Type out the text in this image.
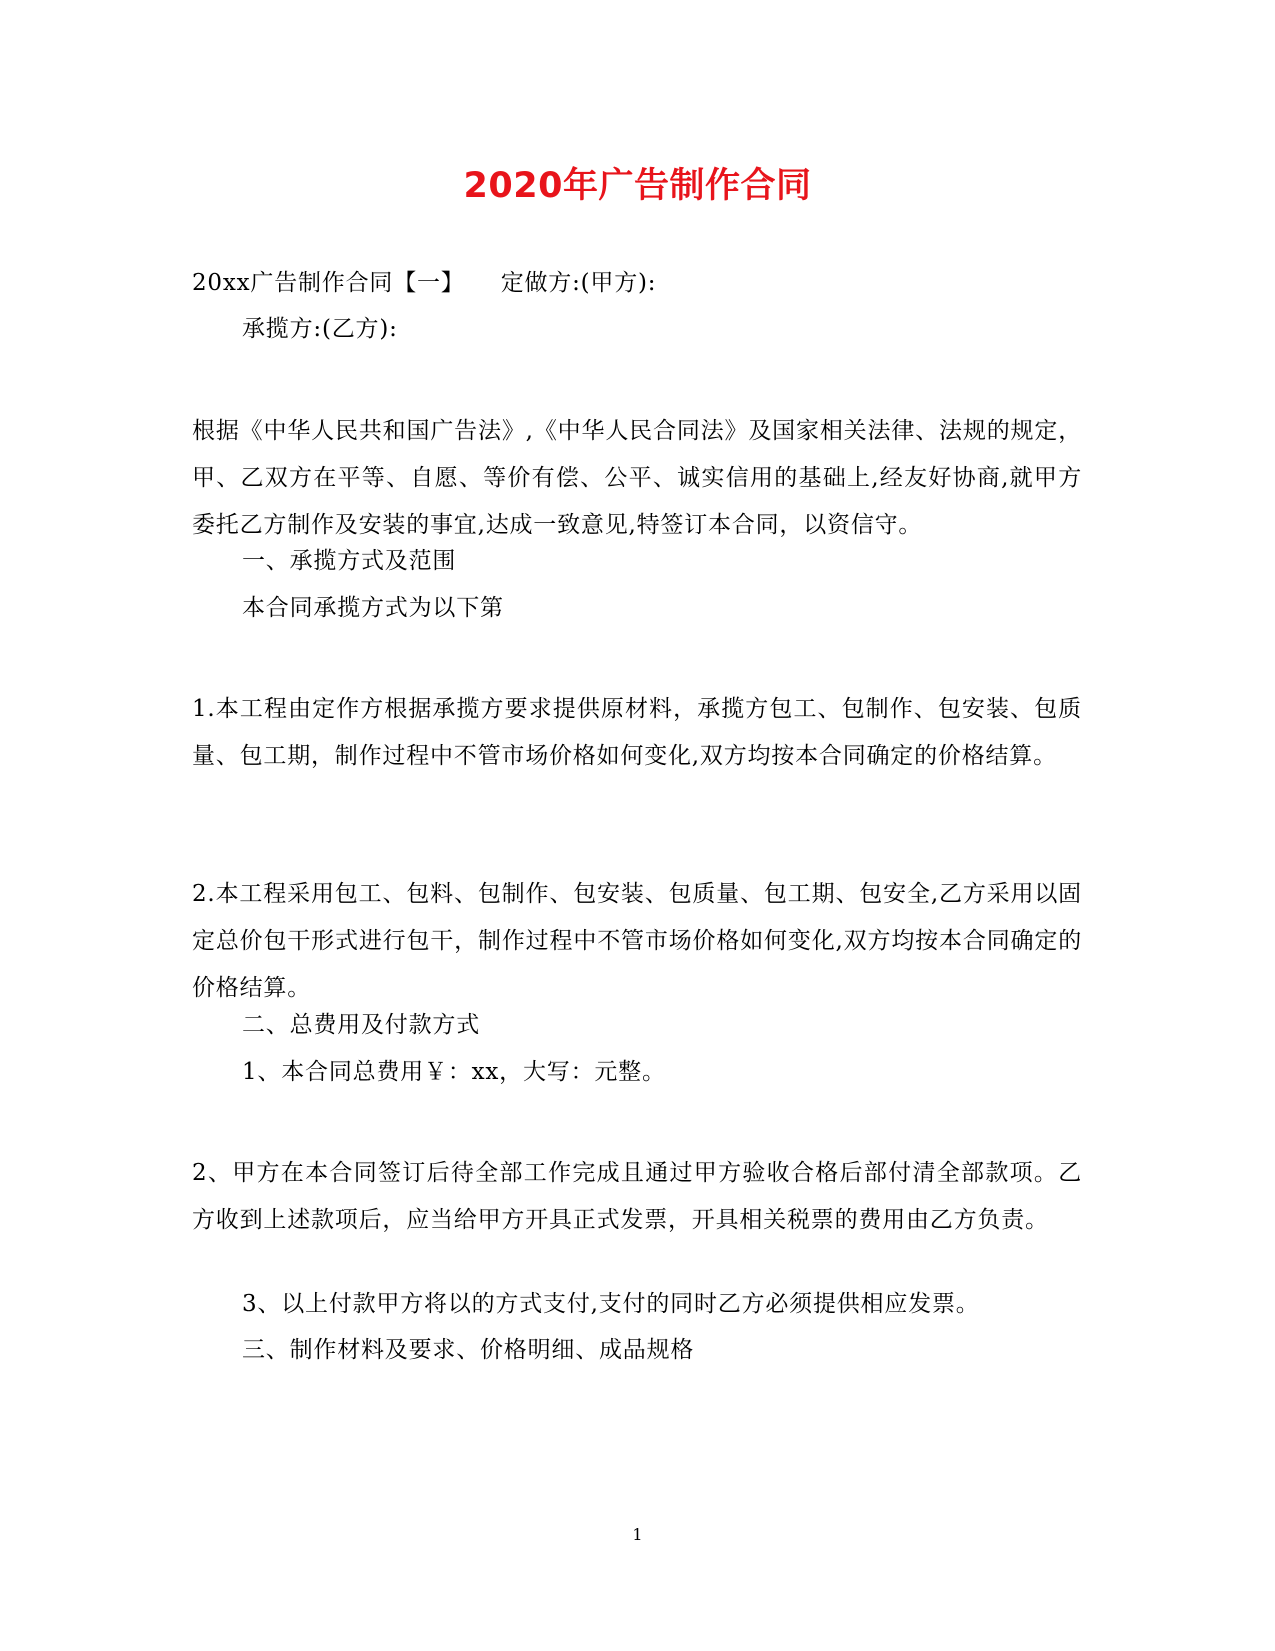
2020年广告制作合同
20xx广告制作合同【一】　　定做方:(甲方):
承揽方:(乙方):
根据《中华人民共和国广告法》,《中华人民合同法》及国家相关法律、法规的规定，甲、乙双方在平等、自愿、等价有偿、公平、诚实信用的基础上,经友好协商,就甲方委托乙方制作及安装的事宜,达成一致意见,特签订本合同，以资信守。
一、承揽方式及范围
本合同承揽方式为以下第
1.本工程由定作方根据承揽方要求提供原材料，承揽方包工、包制作、包安装、包质量、包工期，制作过程中不管市场价格如何变化,双方均按本合同确定的价格结算。
2.本工程采用包工、包料、包制作、包安装、包质量、包工期、包安全,乙方采用以固定总价包干形式进行包干，制作过程中不管市场价格如何变化,双方均按本合同确定的价格结算。
二、总费用及付款方式
1、本合同总费用￥：xx，大写：元整。
2、甲方在本合同签订后待全部工作完成且通过甲方验收合格后部付清全部款项。乙方收到上述款项后，应当给甲方开具正式发票，开具相关税票的费用由乙方负责。
3、以上付款甲方将以的方式支付,支付的同时乙方必须提供相应发票。
三、制作材料及要求、价格明细、成品规格
1
